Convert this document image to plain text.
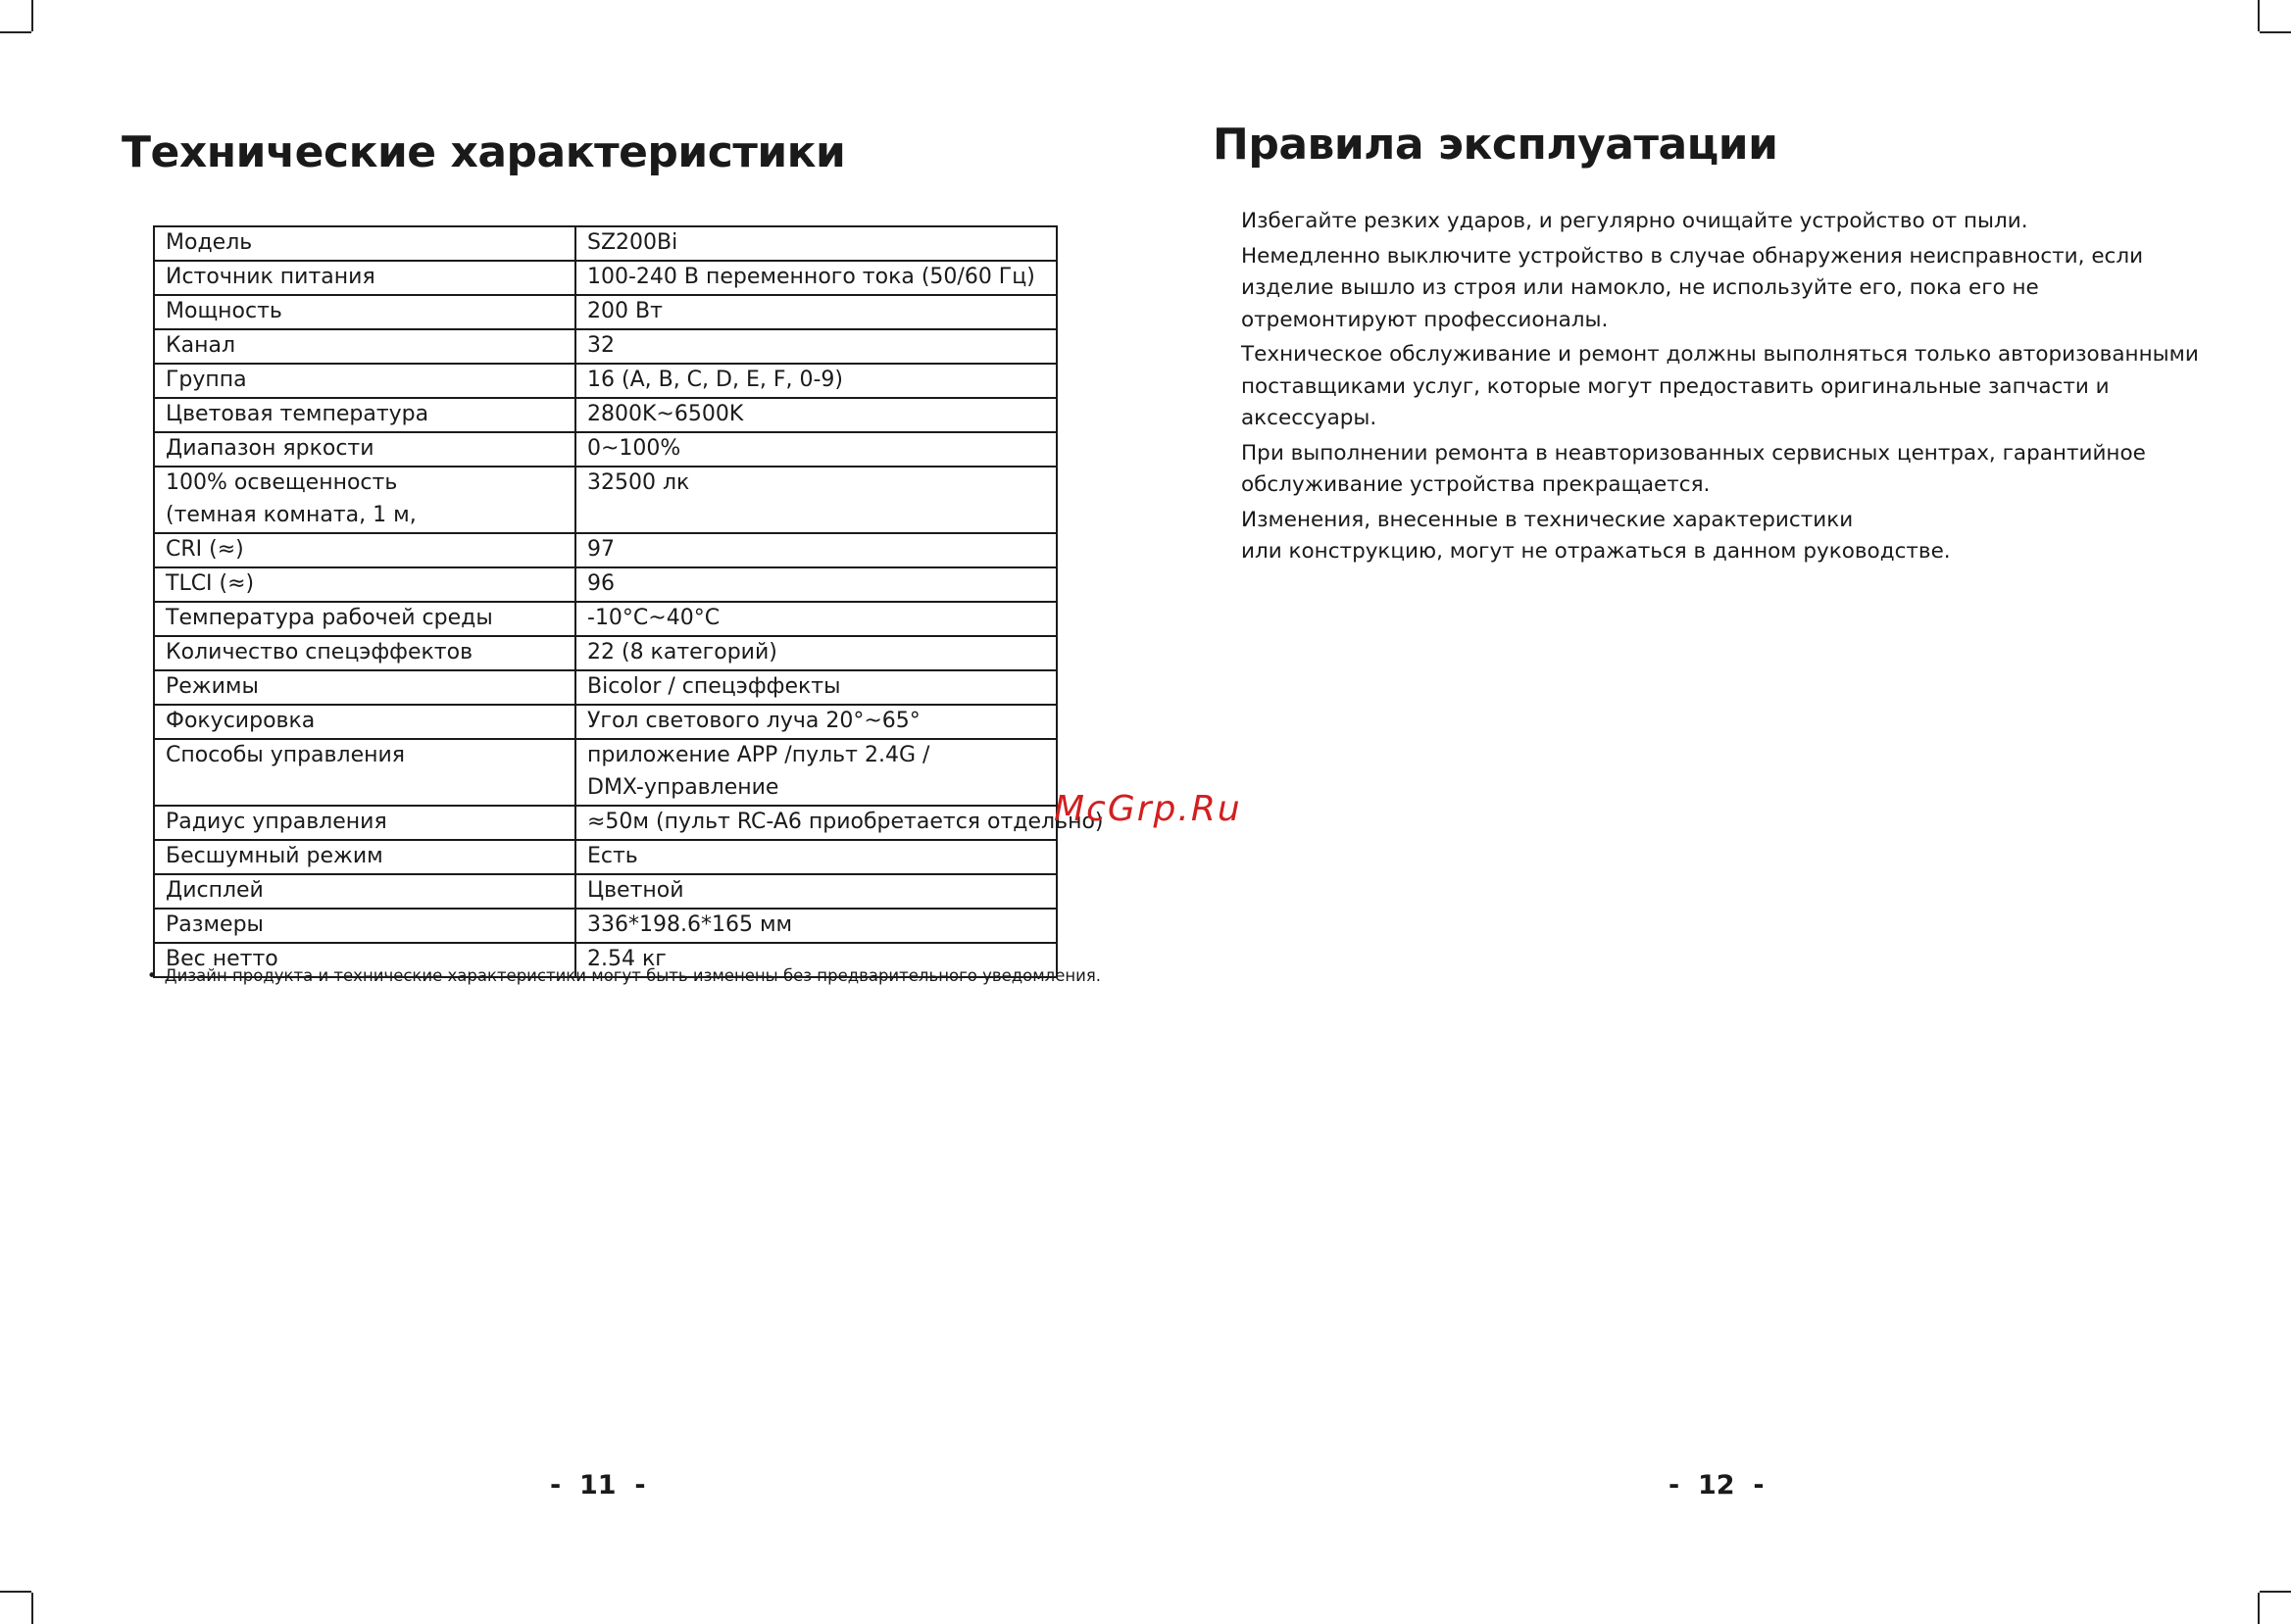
Технические характеристики
Модель	SZ200Bi

Источник питания	100-240 В переменного тока (50/60 Гц)

Мощность	200 Вт

Канал	32

Группа	16 (A, B, C, D, E, F, 0-9)

Цветовая температура	2800K~6500K

Диапазон яркости	0~100%

100% освещенность
(темная комната, 1 м,	32500 лк

CRI (≈)	97

TLCI (≈)	96

Температура рабочей среды	-10°C~40°C

Количество спецэффектов	22 (8 категорий)

Режимы	Bicolor / спецэффекты

Фокусировка	Угол светового луча 20°~65°

Способы управления	приложение APP /пульт 2.4G /
DMX-управление

Радиус управления	≈50м (пульт RC-A6 приобретается отдельно)

Бесшумный режим	Есть

Дисплей	Цветной

Размеры	336*198.6*165 мм

Вес нетто	2.54 кг
• Дизайн продукта и технические характеристики могут быть изменены без предварительного уведомления.
-  11  -
McGrp.Ru
Правила эксплуатации

Избегайте резких ударов, и регулярно очищайте устройство от пыли.

Немедленно выключите устройство в случае обнаружения неисправности, если
изделие вышло из строя или намокло, не используйте его, пока его не
отремонтируют профессионалы.

Техническое обслуживание и ремонт должны выполняться только авторизованными
поставщиками услуг, которые могут предоставить оригинальные запчасти и
аксессуары.

При выполнении ремонта в неавторизованных сервисных центрах, гарантийное
обслуживание устройства прекращается.

Изменения, внесенные в технические характеристики
или конструкцию, могут не отражаться в данном руководстве.

-  12  -
